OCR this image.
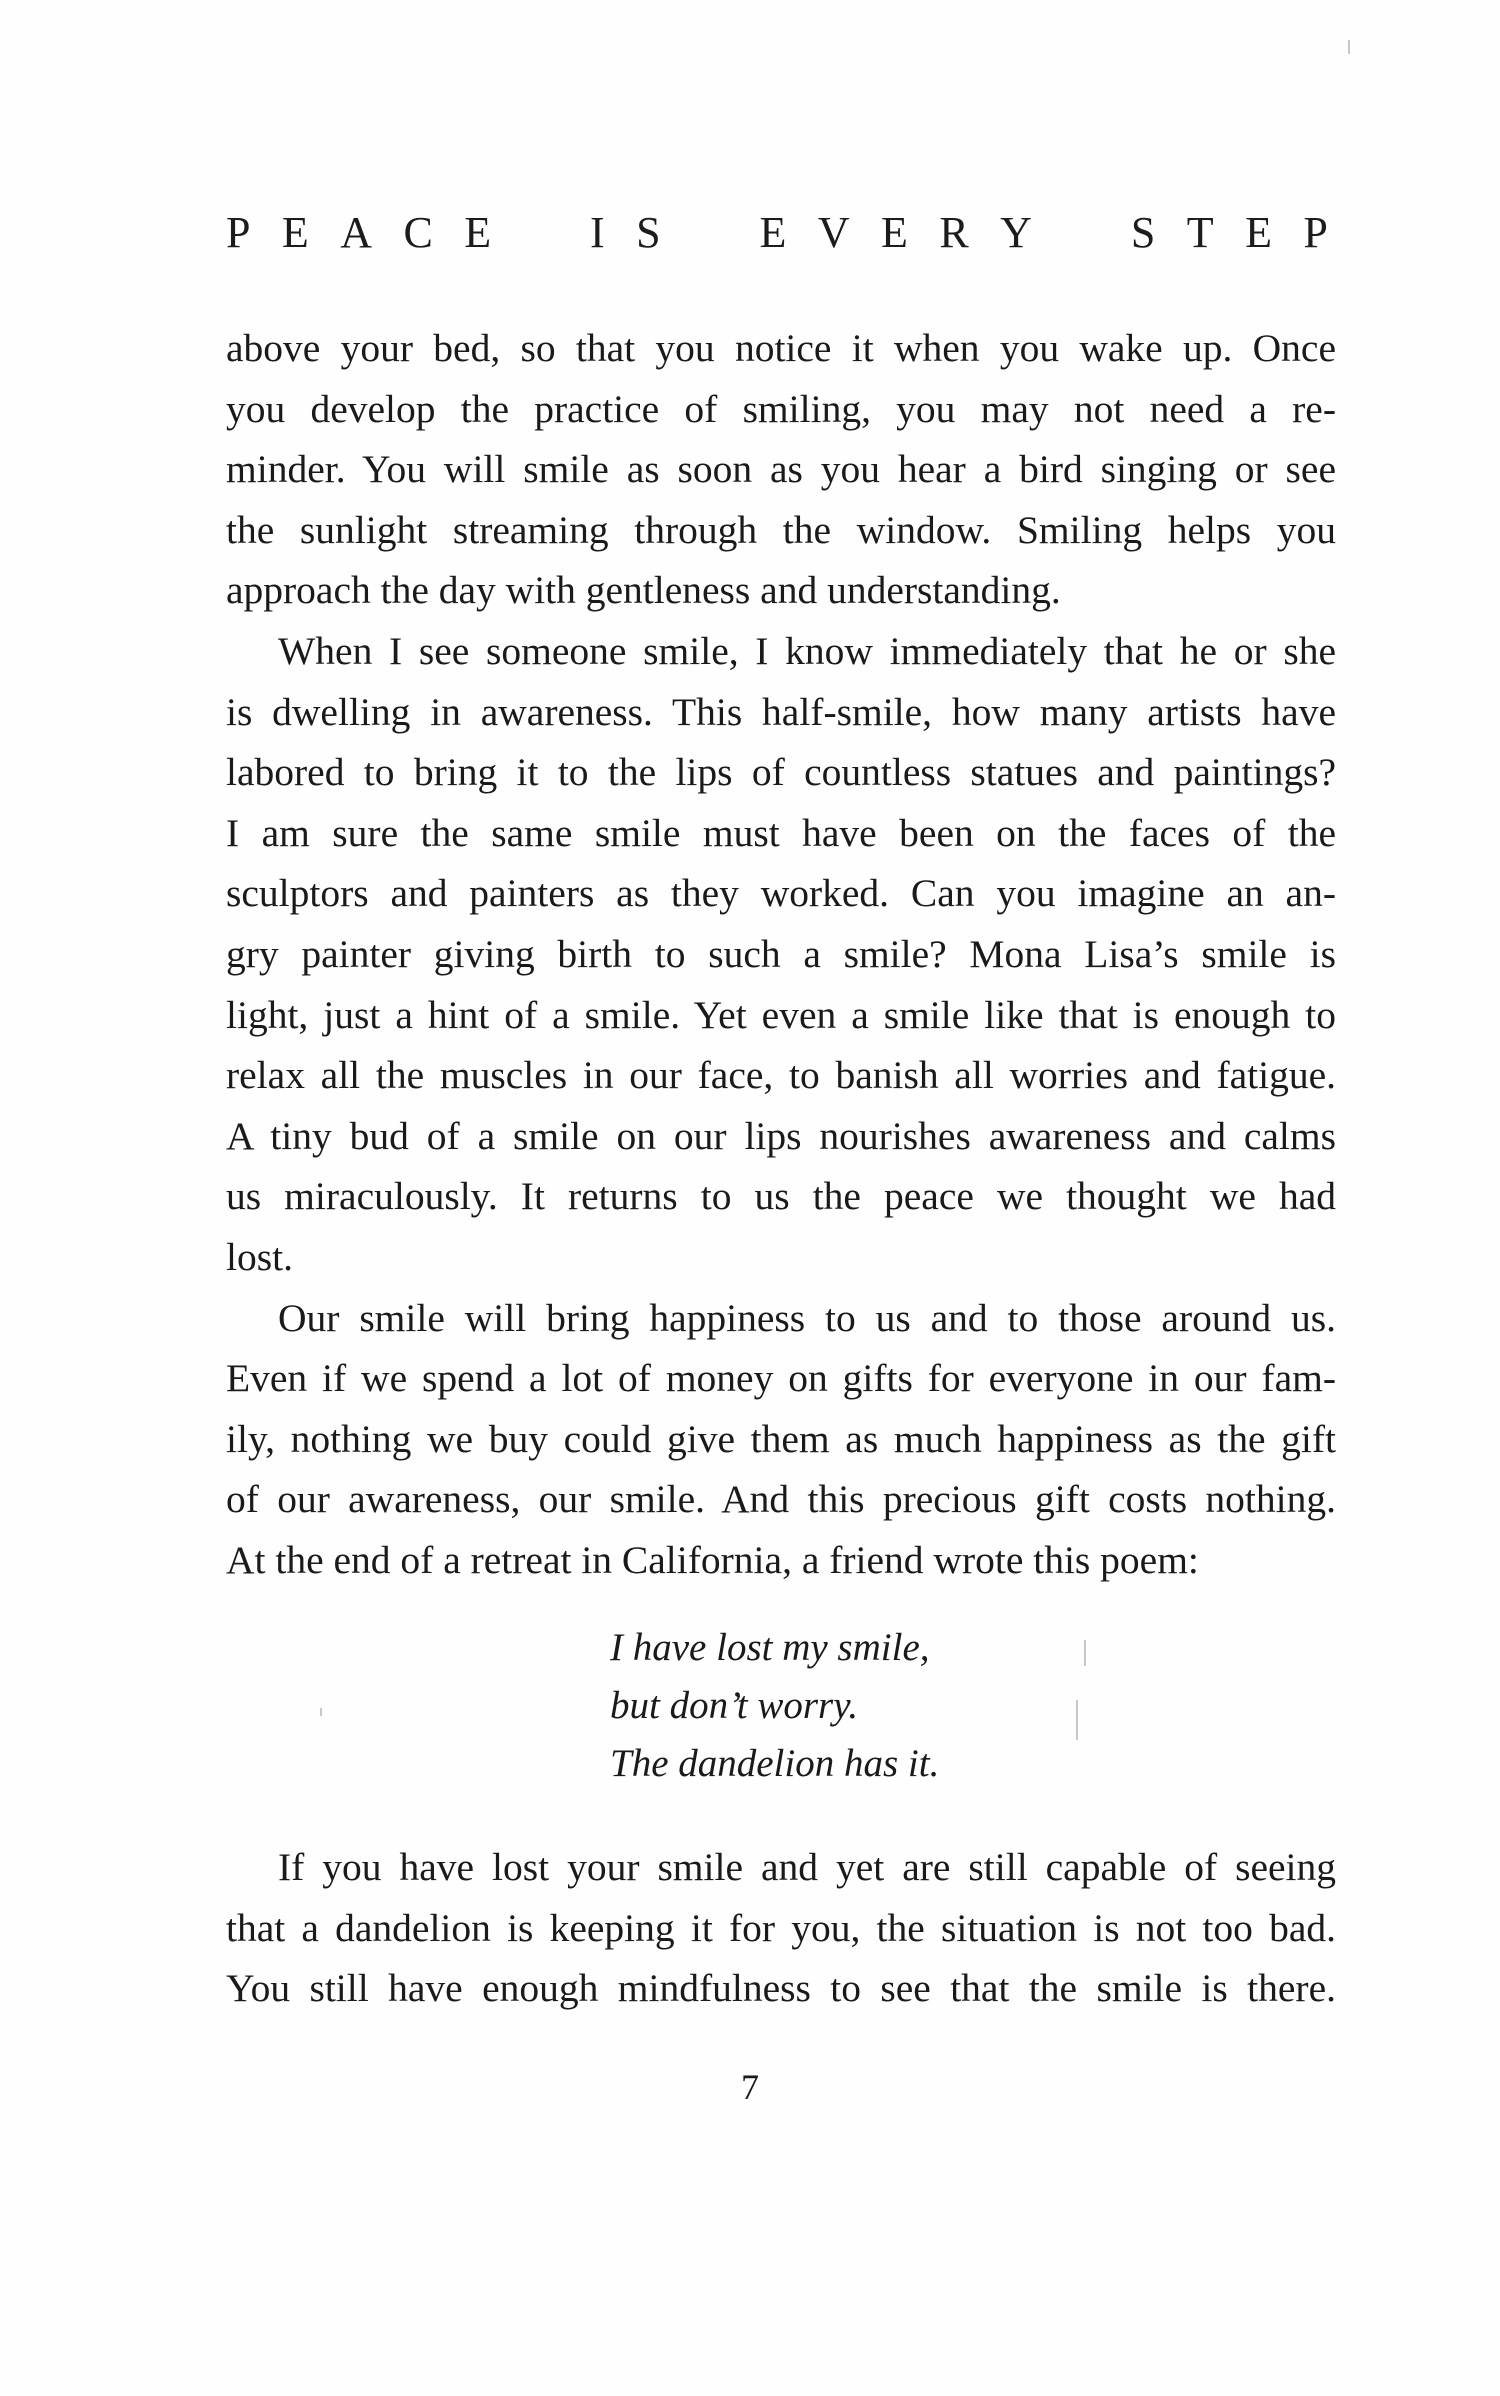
P E A C E I S E V E R Y S T E P

above your bed, so that you notice it when you wake up. Once
you develop the practice of smiling, you may not need a re-
minder. You will smile as soon as you hear a bird singing or see
the sunlight streaming through the window. Smiling helps you
approach the day with gentleness and understanding.

When I see someone smile, I know immediately that he or she
is dwelling in awareness. This half-smile, how many artists have
labored to bring it to the lips of countless statues and paintings?
I am sure the same smile must have been on the faces of the
sculptors and painters as they worked. Can you imagine an an-
gry painter giving birth to such a smile? Mona Lisa’s smile is
light, just a hint of a smile. Yet even a smile like that is enough to
relax all the muscles in our face, to banish all worries and fatigue.
A tiny bud of a smile on our lips nourishes awareness and calms
us miraculously. It returns to us the peace we thought we had
lost.

Our smile will bring happiness to us and to those around us.
Even if we spend a lot of money on gifts for everyone in our fam-
ily, nothing we buy could give them as much happiness as the gift
of our awareness, our smile. And this precious gift costs nothing.
At the end of a retreat in California, a friend wrote this poem:

I have lost my smile,
but don’t worry.
The dandelion has it.

If you have lost your smile and yet are still capable of seeing
that a dandelion is keeping it for you, the situation is not too bad.
You still have enough mindfulness to see that the smile is there.

7
